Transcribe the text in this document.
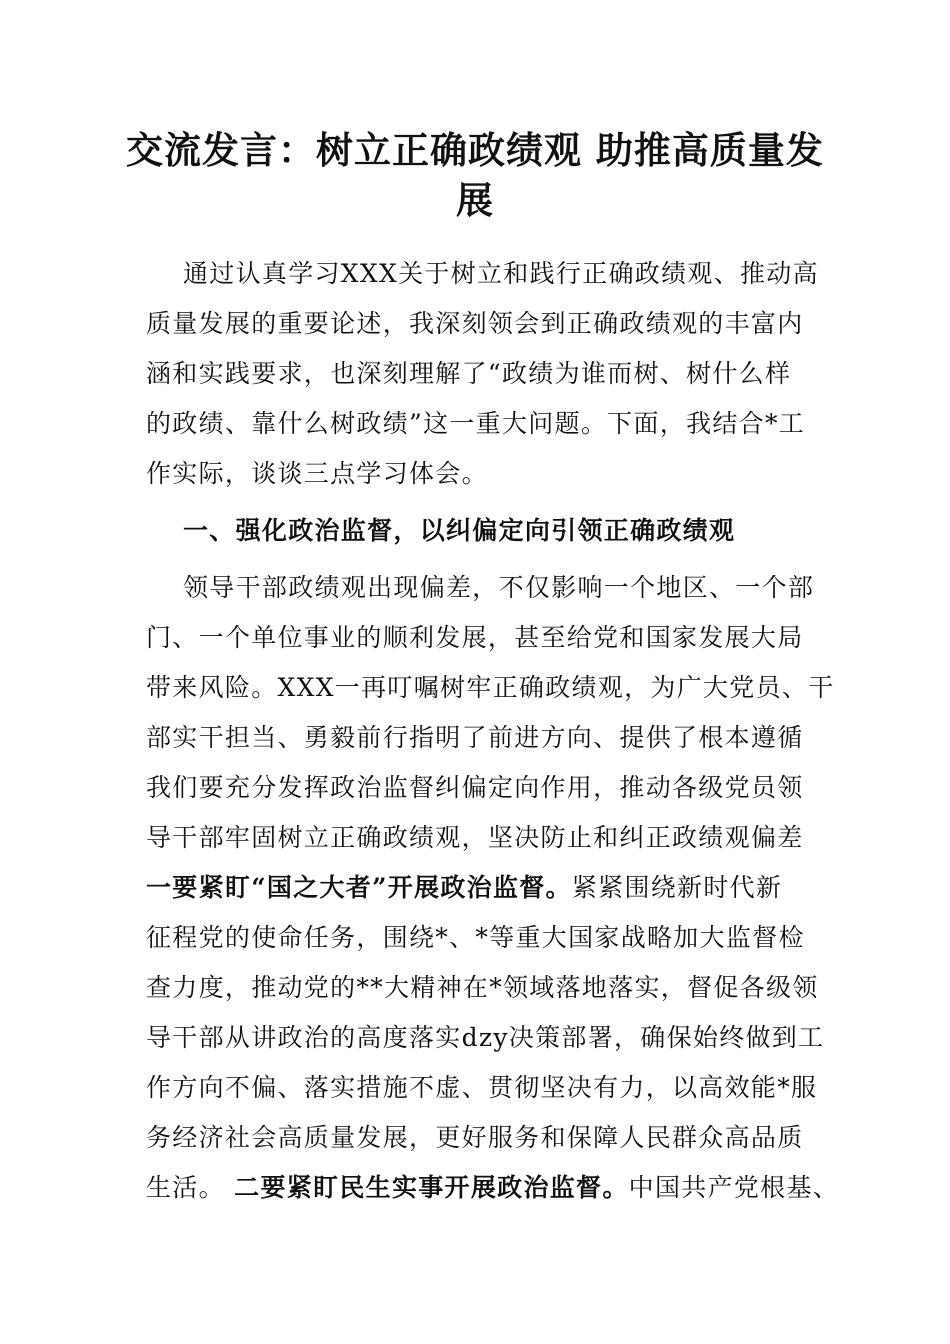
交流发言：树立正确政绩观 助推高质量发
展
通过认真学习XXX关于树立和践行正确政绩观、推动高
质量发展的重要论述，我深刻领会到正确政绩观的丰富内
涵和实践要求，也深刻理解了“政绩为谁而树、树什么样
的政绩、靠什么树政绩”这一重大问题。下面，我结合*工
作实际，谈谈三点学习体会。
一、强化政治监督，以纠偏定向引领正确政绩观
领导干部政绩观出现偏差，不仅影响一个地区、一个部
门、一个单位事业的顺利发展，甚至给党和国家发展大局
带来风险。XXX一再叮嘱树牢正确政绩观，为广大党员、干
部实干担当、勇毅前行指明了前进方向、提供了根本遵循
我们要充分发挥政治监督纠偏定向作用，推动各级党员领
导干部牢固树立正确政绩观，坚决防止和纠正政绩观偏差
一要紧盯“国之大者”开展政治监督。紧紧围绕新时代新
征程党的使命任务，围绕*、*等重大国家战略加大监督检
查力度，推动党的**大精神在*领域落地落实，督促各级领
导干部从讲政治的高度落实dzy决策部署，确保始终做到工
作方向不偏、落实措施不虚、贯彻坚决有力，以高效能*服
务经济社会高质量发展，更好服务和保障人民群众高品质
生活。 二要紧盯民生实事开展政治监督。中国共产党根基、
